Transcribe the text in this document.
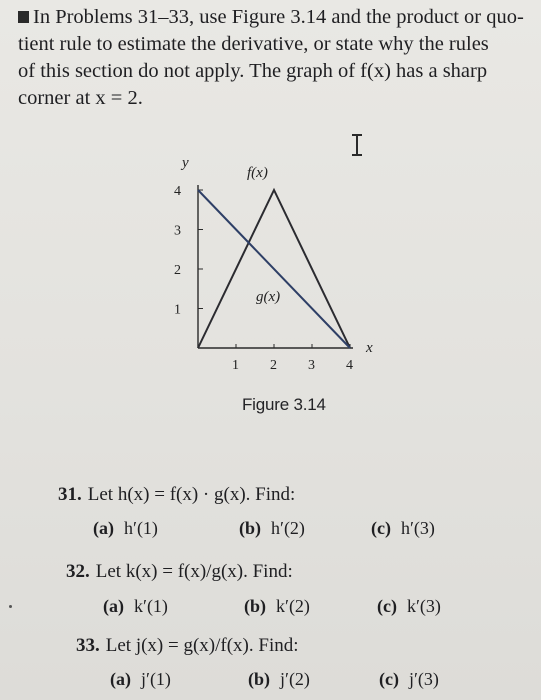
In Problems 31–33, use Figure 3.14 and the product or quo-
tient rule to estimate the derivative, or state why the rules
of this section do not apply. The graph of f(x) has a sharp
corner at x = 2.
1 2 3 4
1
2
3
4
y
x
f(x)
g(x)
Figure 3.14
31. Let h(x) = f(x) · g(x). Find:
(a) h′(1)	(b) h′(2)	(c) h′(3)
32. Let k(x) = f(x)/g(x). Find:
(a) k′(1)	(b) k′(2)	(c) k′(3)
33. Let j(x) = g(x)/f(x). Find:
(a) j′(1)	(b) j′(2)	(c) j′(3)
